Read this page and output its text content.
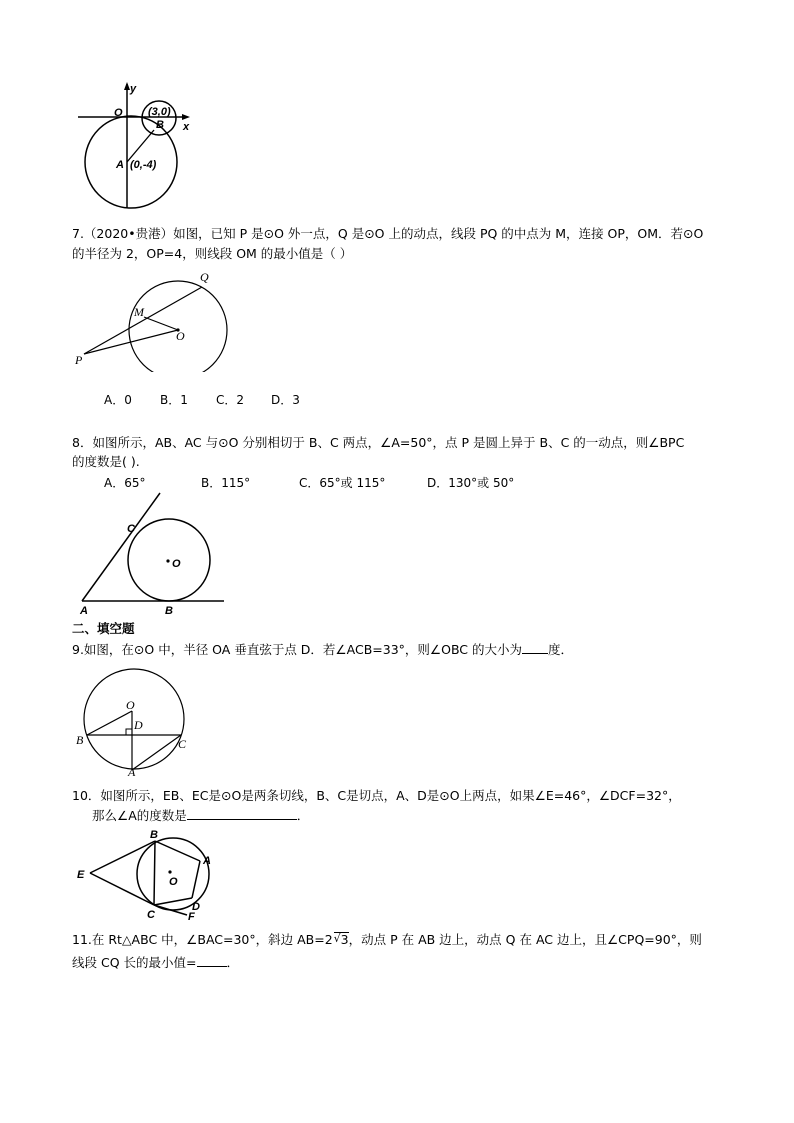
y
x
O (3,0)
B
A (0,-4)
7.（2020•贵港）如图，已知 P 是⊙O 外一点，Q 是⊙O 上的动点，线段 PQ 的中点为 M，连接 OP，OM．若⊙O
的半径为 2，OP=4，则线段 OM 的最小值是（ ）
Q
M
O
P
A．0 B．1 C．2 D．3
8．如图所示，AB、AC 与⊙O 分别相切于 B、C 两点，∠A=50°，点 P 是圆上异于 B、C 的一动点，则∠BPC
的度数是( ).
A．65°	B．115°	C．65°或 115°	D．130°或 50°
C
O
A	B
二、填空题
9.如图，在⊙O 中，半径 OA 垂直弦于点 D．若∠ACB=33°，则∠OBC 的大小为 度．
O
D
B	C
A
10．如图所示，EB、EC是⊙O是两条切线，B、C是切点，A、D是⊙O上两点，如果∠E=46°，∠DCF=32°，
那么∠A的度数是	．
B
A
E
O
D
C	F
11.在 Rt△ABC 中，∠BAC=30°，斜边 AB=2 √ 3，动点 P 在 AB 边上，动点 Q 在 AC 边上，且∠CPQ=90°，则
线段 CQ 长的最小值= ．
